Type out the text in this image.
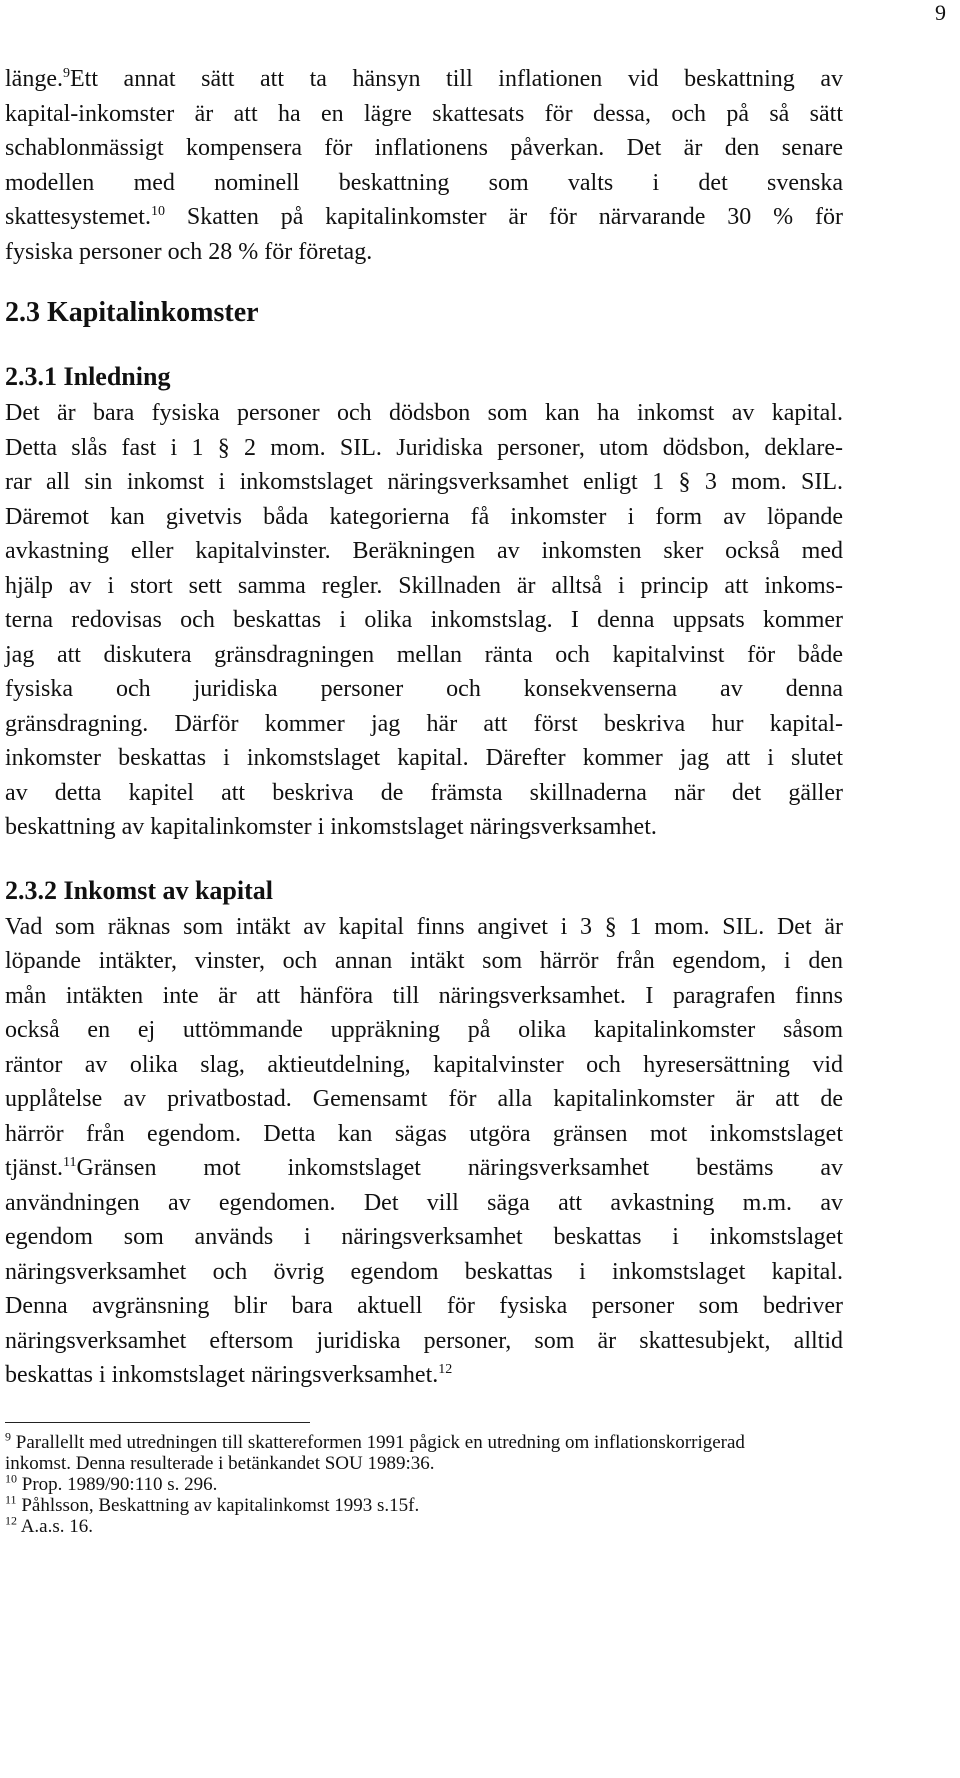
9

länge.$^9$Ett annat sätt att ta hänsyn till inflationen vid beskattning av
kapital-inkomster är att ha en lägre skattesats för dessa, och på så sätt
schablonmässigt kompensera för inflationens påverkan. Det är den senare
modellen med nominell beskattning som valts i det svenska
skattesystemet.$^{10}$ Skatten på kapitalinkomster är för närvarande 30 % för
fysiska personer och 28 % för företag.

2.3 Kapitalinkomster
2.3.1 Inledning

Det är bara fysiska personer och dödsbon som kan ha inkomst av kapital.
Detta slås fast i 1 § 2 mom. SIL. Juridiska personer, utom dödsbon, deklare-
rar all sin inkomst i inkomstslaget näringsverksamhet enligt 1 § 3 mom. SIL.
Däremot kan givetvis båda kategorierna få inkomster i form av löpande
avkastning eller kapitalvinster. Beräkningen av inkomsten sker också med
hjälp av i stort sett samma regler. Skillnaden är alltså i princip att inkoms-
terna redovisas och beskattas i olika inkomstslag. I denna uppsats kommer
jag att diskutera gränsdragningen mellan ränta och kapitalvinst för både
fysiska och juridiska personer och konsekvenserna av denna
gränsdragning. Därför kommer jag här att först beskriva hur kapital-
inkomster beskattas i inkomstslaget kapital. Därefter kommer jag att i slutet
av detta kapitel att beskriva de främsta skillnaderna när det gäller
beskattning av kapitalinkomster i inkomstslaget näringsverksamhet.

2.3.2 Inkomst av kapital

Vad som räknas som intäkt av kapital finns angivet i 3 § 1 mom. SIL. Det är
löpande intäkter, vinster, och annan intäkt som härrör från egendom, i den
mån intäkten inte är att hänföra till näringsverksamhet. I paragrafen finns
också en ej uttömmande uppräkning på olika kapitalinkomster såsom
räntor av olika slag, aktieutdelning, kapitalvinster och hyresersättning vid
upplåtelse av privatbostad. Gemensamt för alla kapitalinkomster är att de
härrör från egendom. Detta kan sägas utgöra gränsen mot inkomstslaget
tjänst.$^{11}$Gränsen mot inkomstslaget näringsverksamhet bestäms av
användningen av egendomen. Det vill säga att avkastning m.m. av
egendom som används i näringsverksamhet beskattas i inkomstslaget
näringsverksamhet och övrig egendom beskattas i inkomstslaget kapital.
Denna avgränsning blir bara aktuell för fysiska personer som bedriver
näringsverksamhet eftersom juridiska personer, som är skattesubjekt, alltid
beskattas i inkomstslaget näringsverksamhet.$^{12}$

$^9$ Parallellt med utredningen till skattereformen 1991 pågick en utredning om inflationskorrigerad
inkomst. Denna resulterade i betänkandet SOU 1989:36.
$^{10}$ Prop. 1989/90:110 s. 296.
$^{11}$ Påhlsson, Beskattning av kapitalinkomst 1993 s.15f.
$^{12}$ A.a.s. 16.
